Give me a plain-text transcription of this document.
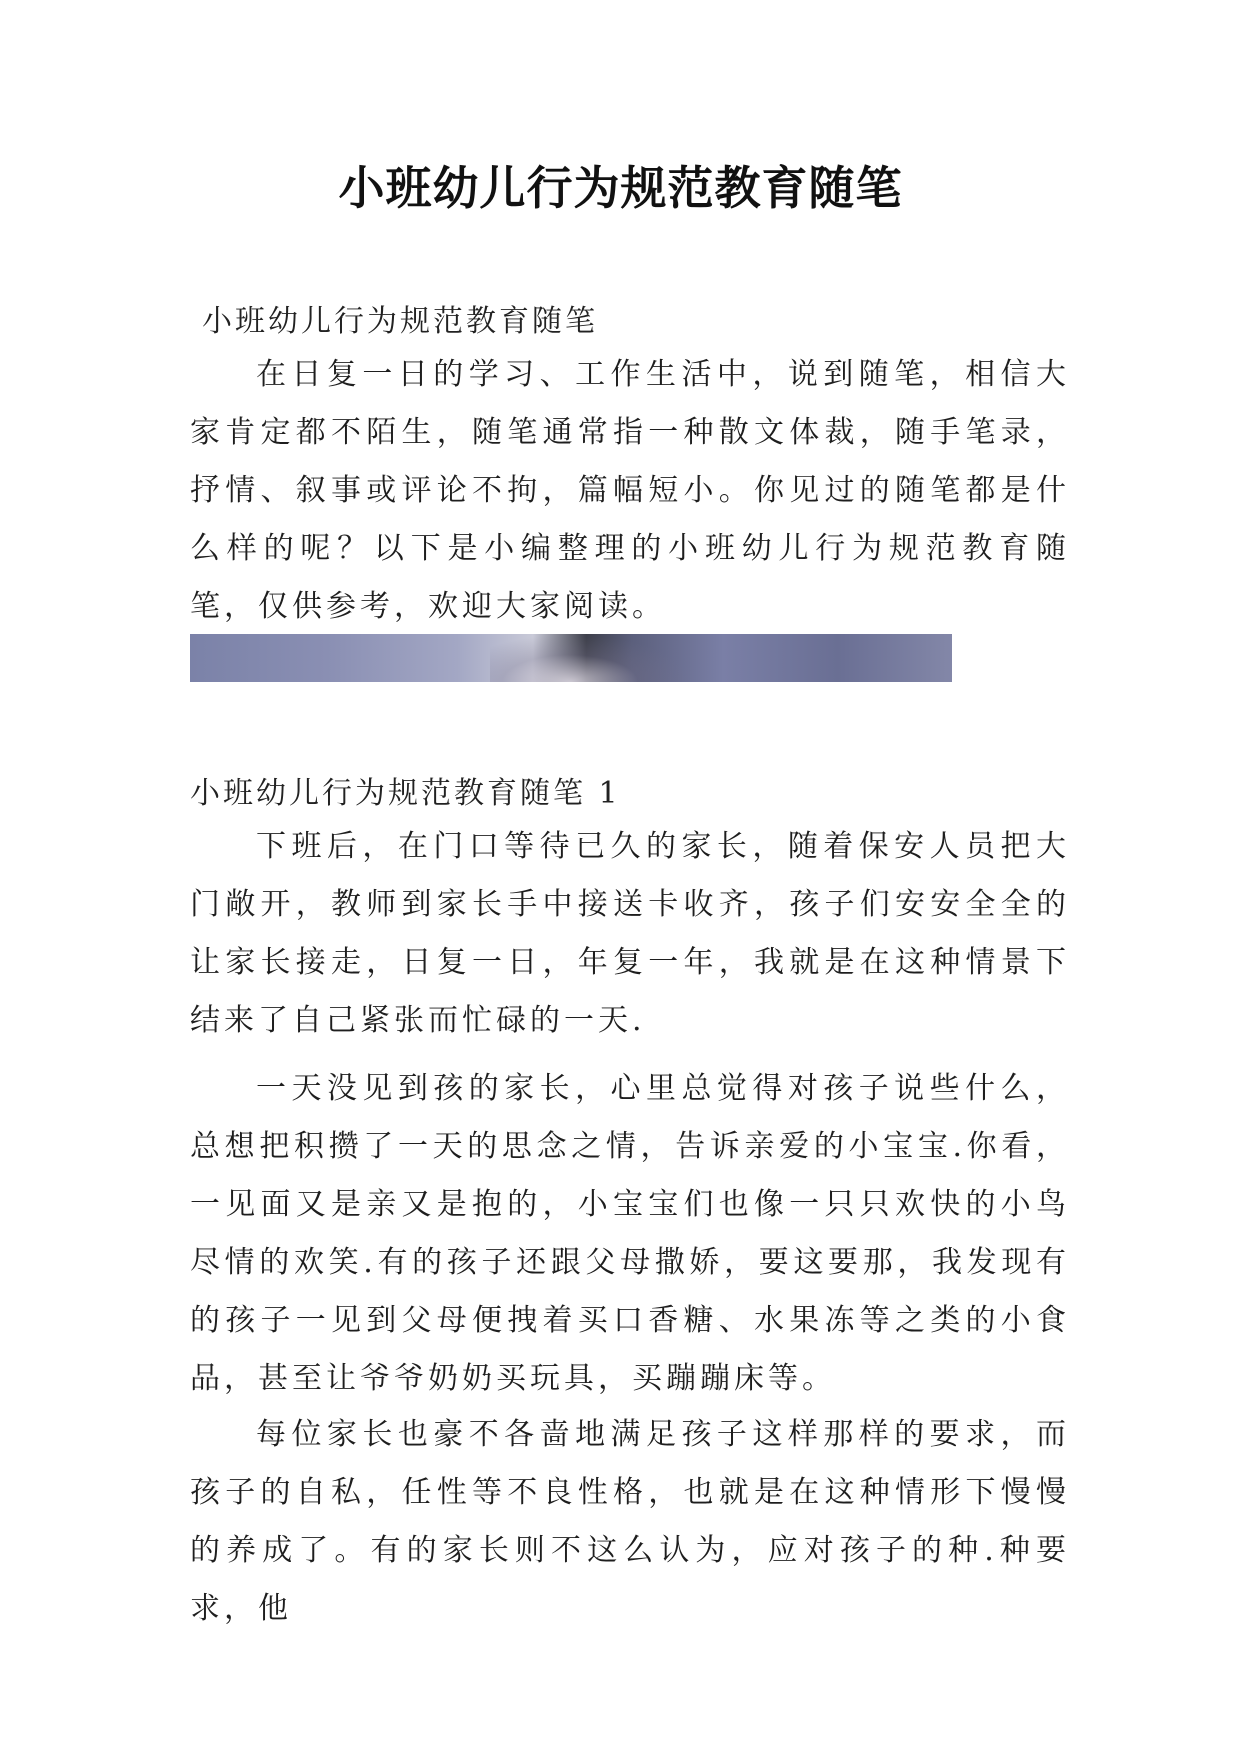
小班幼儿行为规范教育随笔
小班幼儿行为规范教育随笔

在日复一日的学习、工作生活中，说到随笔，相信大家肯定都不陌生，随笔通常指一种散文体裁，随手笔录，抒情、叙事或评论不拘，篇幅短小。你见过的随笔都是什么样的呢？以下是小编整理的小班幼儿行为规范教育随笔，仅供参考，欢迎大家阅读。

小班幼儿行为规范教育随笔 1

下班后，在门口等待已久的家长，随着保安人员把大门敞开，教师到家长手中接送卡收齐，孩子们安安全全的让家长接走，日复一日，年复一年，我就是在这种情景下结来了自己紧张而忙碌的一天.

一天没见到孩的家长，心里总觉得对孩子说些什么，总想把积攒了一天的思念之情，告诉亲爱的小宝宝.你看，一见面又是亲又是抱的，小宝宝们也像一只只欢快的小鸟尽情的欢笑.有的孩子还跟父母撒娇，要这要那，我发现有的孩子一见到父母便拽着买口香糖、水果冻等之类的小食品，甚至让爷爷奶奶买玩具，买蹦蹦床等。

每位家长也豪不各啬地满足孩子这样那样的要求，而孩子的自私，任性等不良性格，也就是在这种情形下慢慢的养成了。有的家长则不这么认为，应对孩子的种.种要求，他
